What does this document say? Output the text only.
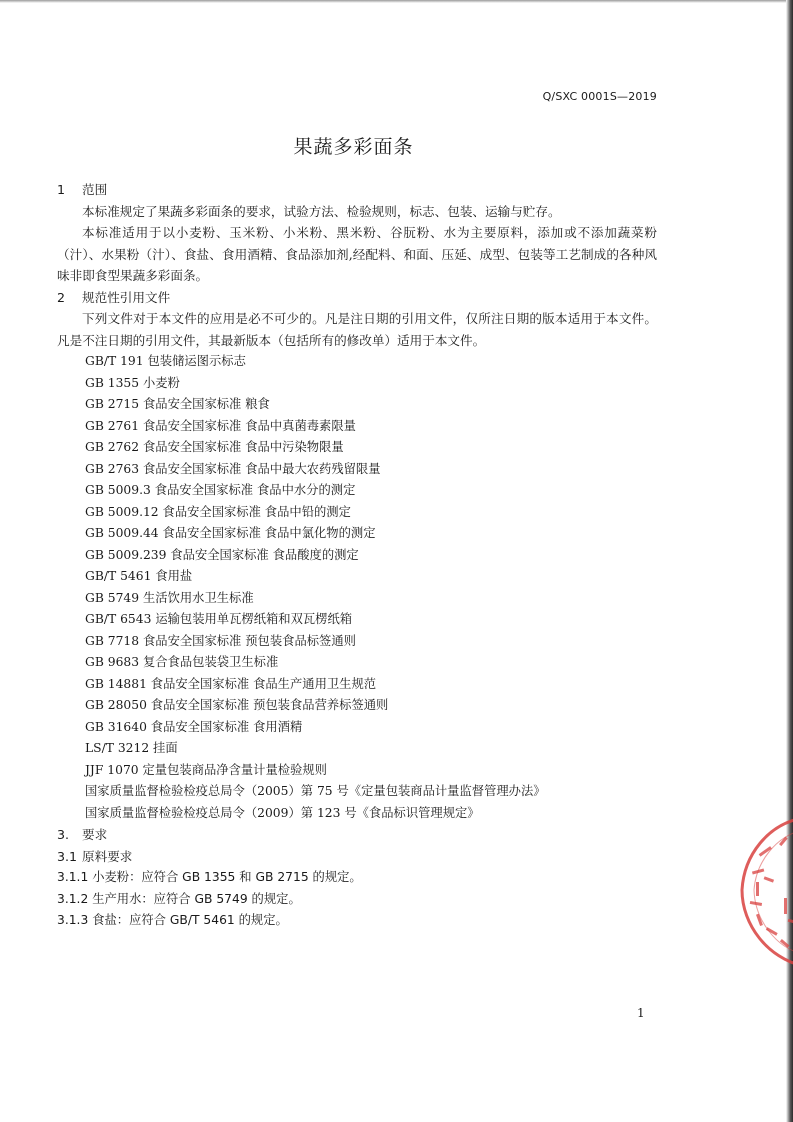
Q/SXC 0001S—2019
果蔬多彩面条
1 范围
本标准规定了果蔬多彩面条的要求，试验方法、检验规则，标志、包装、运输与贮存。
本标准适用于以小麦粉、玉米粉、小米粉、黑米粉、谷朊粉、水为主要原料，添加或不添加蔬菜粉（汁）、水果粉（汁）、食盐、食用酒精、食品添加剂,经配料、和面、压延、成型、包装等工艺制成的各种风味非即食型果蔬多彩面条。
2 规范性引用文件
下列文件对于本文件的应用是必不可少的。凡是注日期的引用文件，仅所注日期的版本适用于本文件。凡是不注日期的引用文件，其最新版本（包括所有的修改单）适用于本文件。
GB/T 191 包装储运图示标志
GB 1355 小麦粉
GB 2715 食品安全国家标准 粮食
GB 2761 食品安全国家标准 食品中真菌毒素限量
GB 2762 食品安全国家标准 食品中污染物限量
GB 2763 食品安全国家标准 食品中最大农药残留限量
GB 5009.3 食品安全国家标准 食品中水分的测定
GB 5009.12 食品安全国家标准 食品中铅的测定
GB 5009.44 食品安全国家标准 食品中氯化物的测定
GB 5009.239 食品安全国家标准 食品酸度的测定
GB/T 5461 食用盐
GB 5749 生活饮用水卫生标准
GB/T 6543 运输包装用单瓦楞纸箱和双瓦楞纸箱
GB 7718 食品安全国家标准 预包装食品标签通则
GB 9683 复合食品包装袋卫生标准
GB 14881 食品安全国家标准 食品生产通用卫生规范
GB 28050 食品安全国家标准 预包装食品营养标签通则
GB 31640 食品安全国家标准 食用酒精
LS/T 3212 挂面
JJF 1070 定量包装商品净含量计量检验规则
国家质量监督检验检疫总局令（2005）第 75 号《定量包装商品计量监督管理办法》
国家质量监督检验检疫总局令（2009）第 123 号《食品标识管理规定》
3. 要求
3.1 原料要求
3.1.1 小麦粉：应符合 GB 1355 和 GB 2715 的规定。
3.1.2 生产用水：应符合 GB 5749 的规定。
3.1.3 食盐：应符合 GB/T 5461 的规定。
1
